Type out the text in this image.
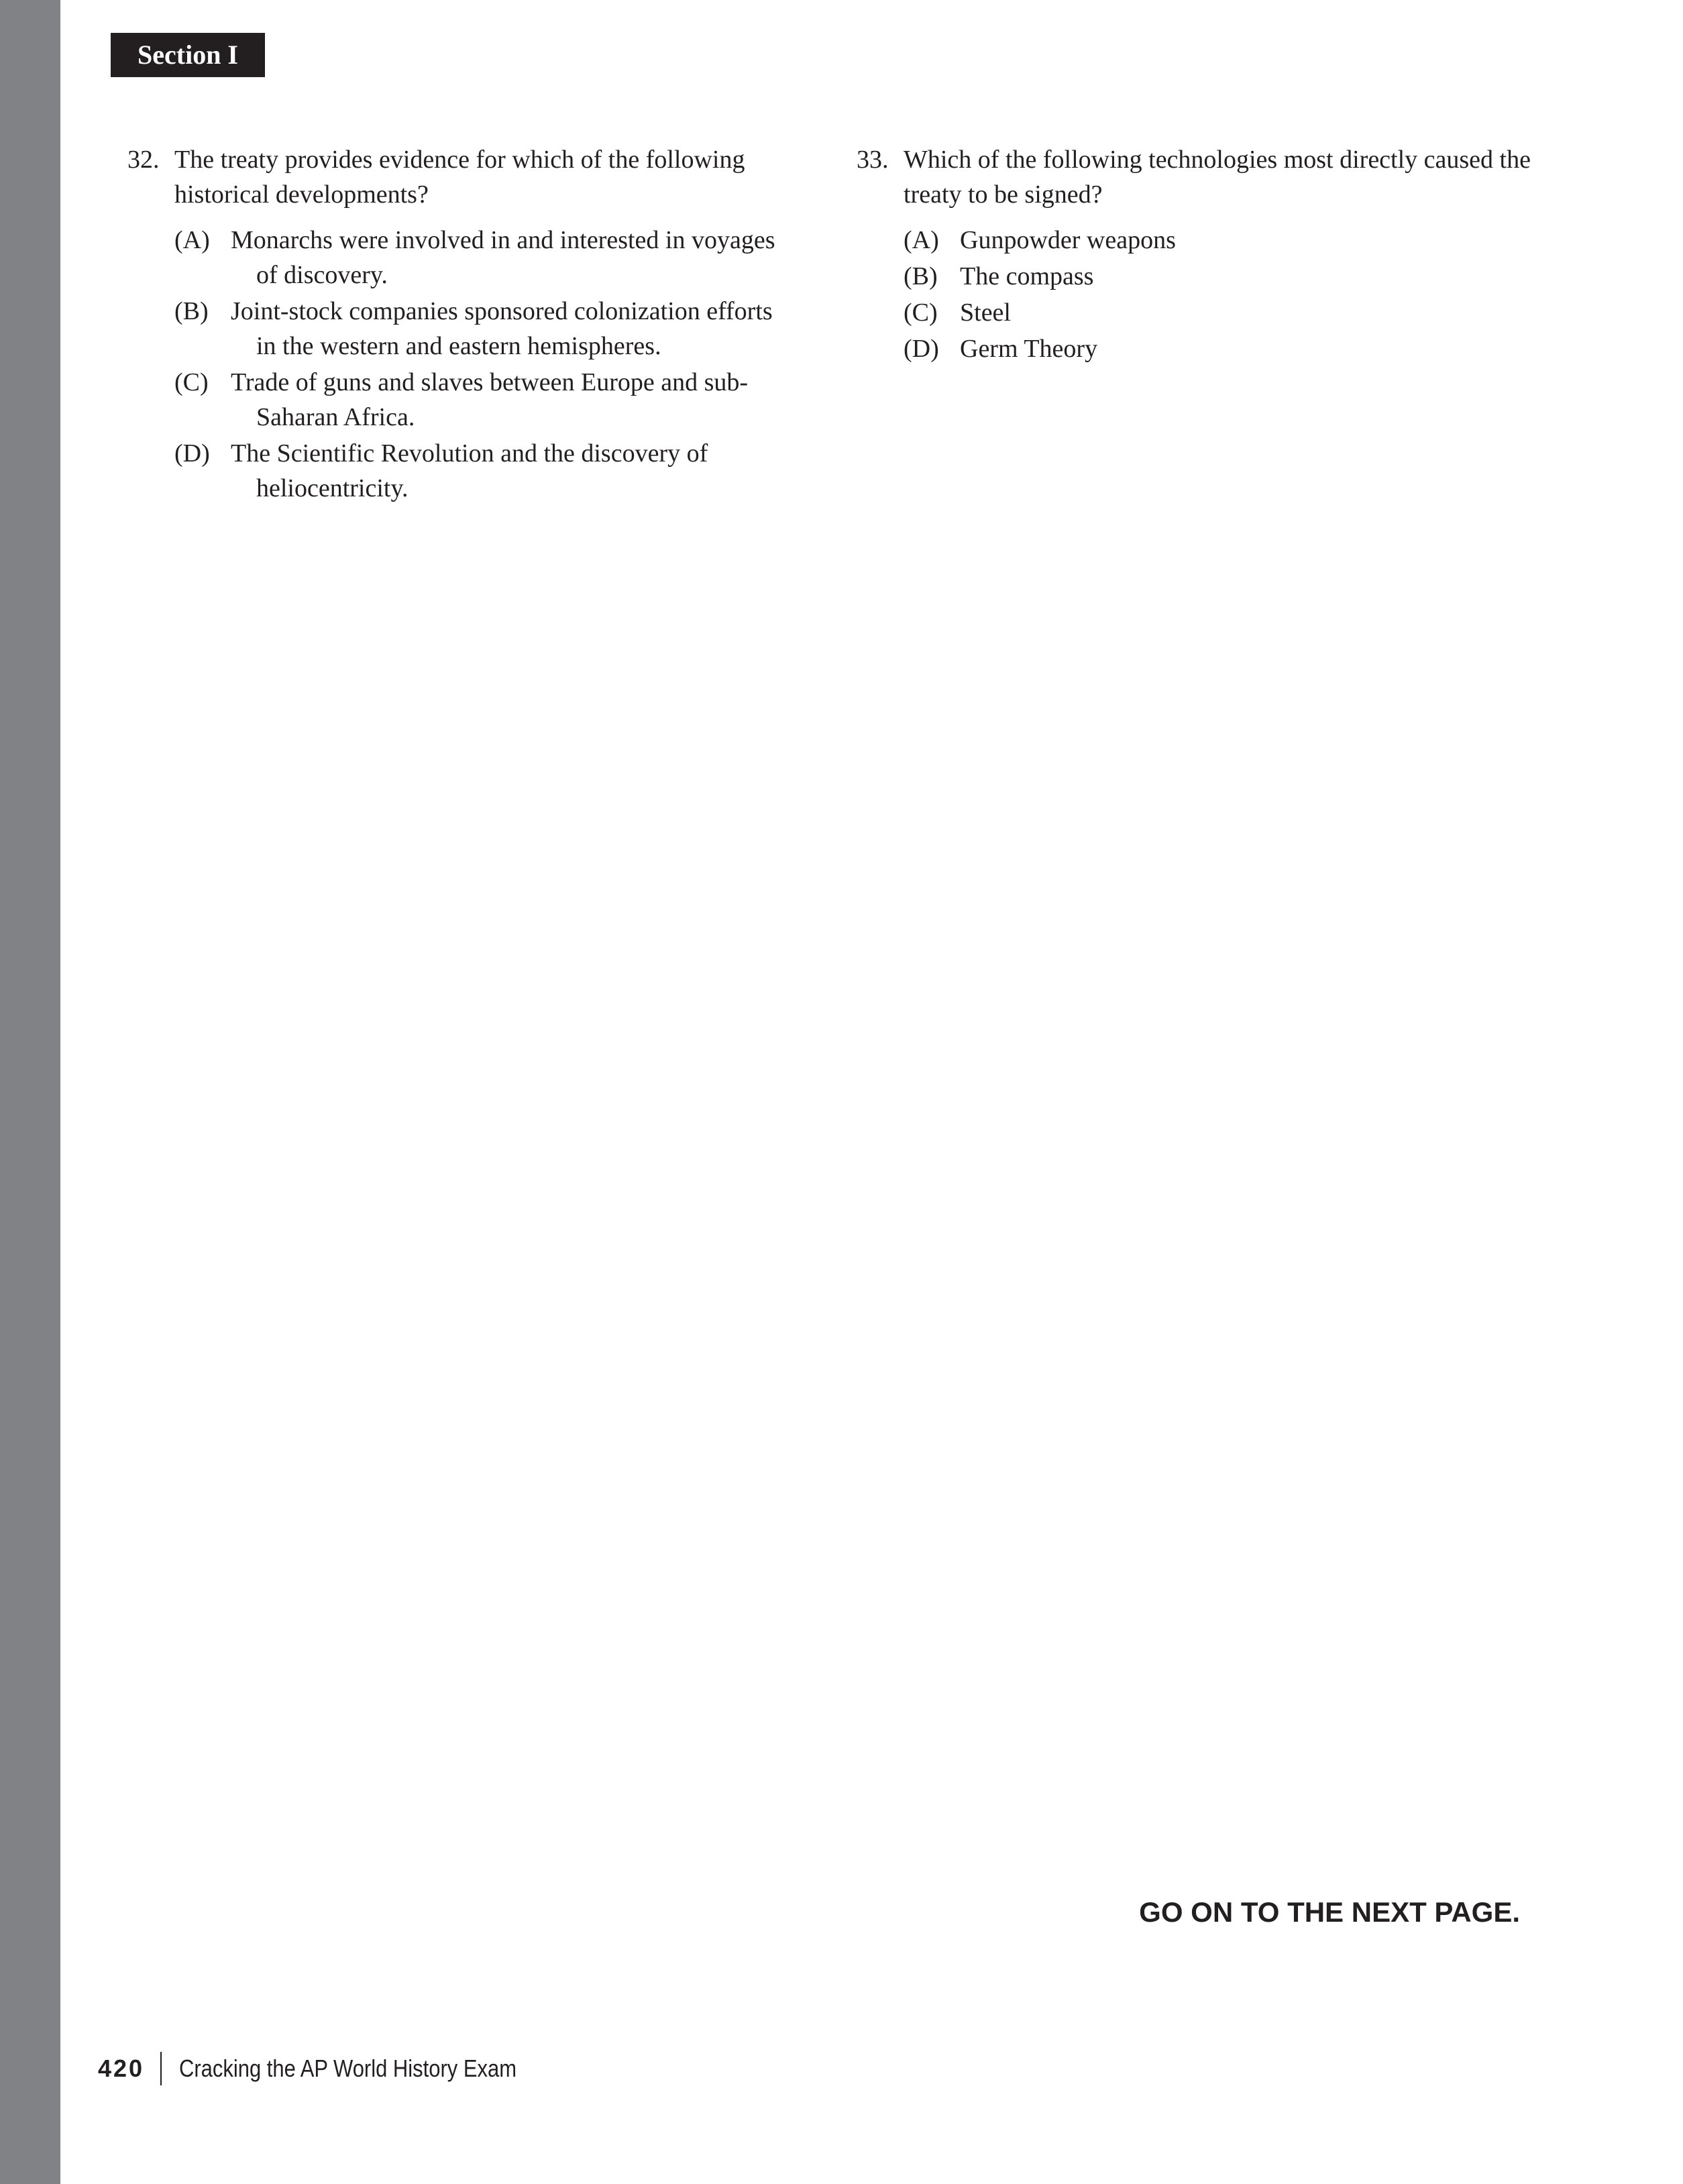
Section I
32. The treaty provides evidence for which of the following historical developments?
(A) Monarchs were involved in and interested in voyages of discovery.
(B) Joint-stock companies sponsored colonization efforts in the western and eastern hemispheres.
(C) Trade of guns and slaves between Europe and sub-Saharan Africa.
(D) The Scientific Revolution and the discovery of heliocentricity.
33. Which of the following technologies most directly caused the treaty to be signed?
(A) Gunpowder weapons
(B) The compass
(C) Steel
(D) Germ Theory
GO ON TO THE NEXT PAGE.
420 Cracking the AP World History Exam
